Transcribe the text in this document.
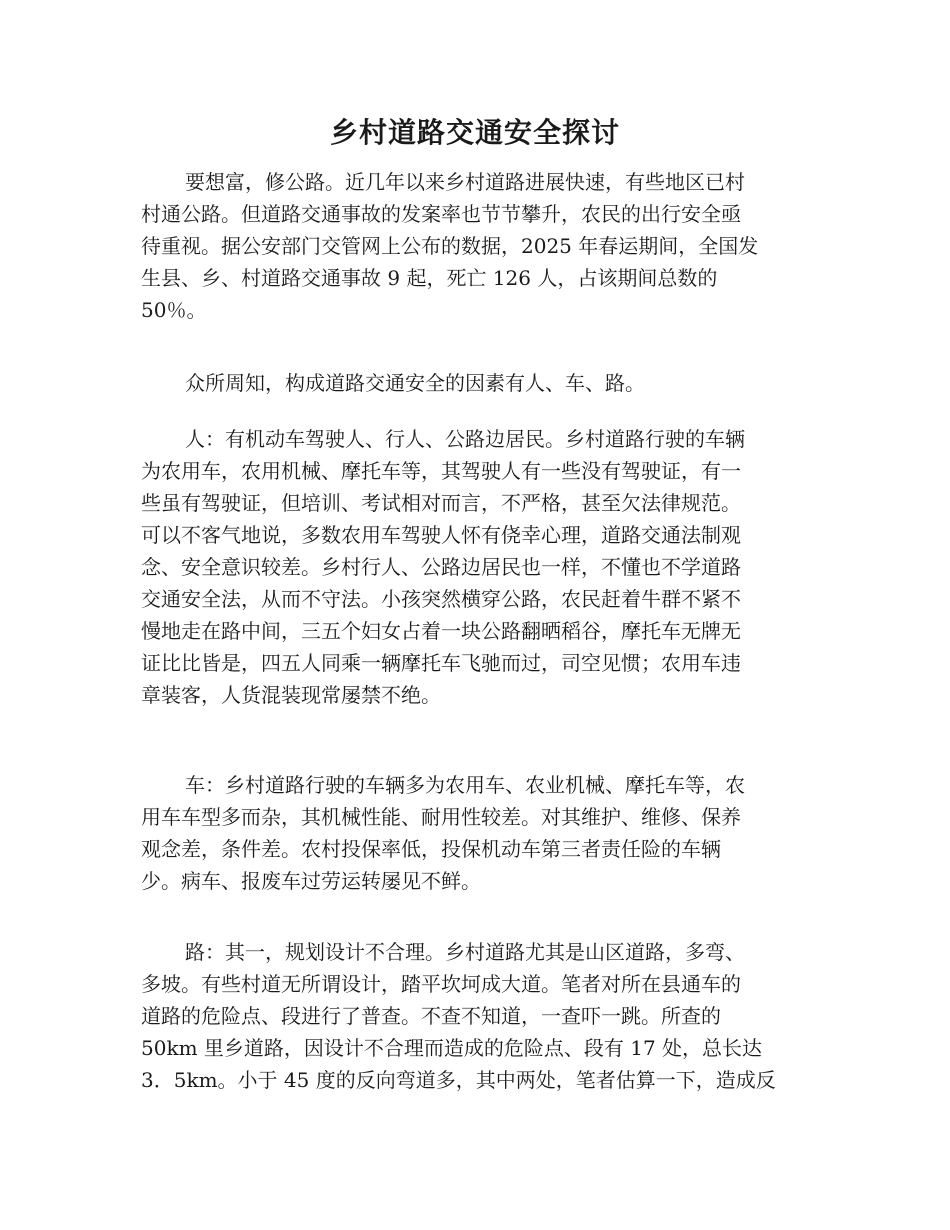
乡村道路交通安全探讨
要想富，修公路。近几年以来乡村道路进展快速，有些地区已村
村通公路。但道路交通事故的发案率也节节攀升，农民的出行安全亟
待重视。据公安部门交管网上公布的数据，2025 年春运期间，全国发
生县、乡、村道路交通事故 9 起，死亡 126 人，占该期间总数的
50％。
众所周知，构成道路交通安全的因素有人、车、路。
人：有机动车驾驶人、行人、公路边居民。乡村道路行驶的车辆
为农用车，农用机械、摩托车等，其驾驶人有一些没有驾驶证，有一
些虽有驾驶证，但培训、考试相对而言，不严格，甚至欠法律规范。
可以不客气地说，多数农用车驾驶人怀有侥幸心理，道路交通法制观
念、安全意识较差。乡村行人、公路边居民也一样，不懂也不学道路
交通安全法，从而不守法。小孩突然横穿公路，农民赶着牛群不紧不
慢地走在路中间，三五个妇女占着一块公路翻晒稻谷，摩托车无牌无
证比比皆是，四五人同乘一辆摩托车飞驰而过，司空见惯；农用车违
章装客，人货混装现常屡禁不绝。
车：乡村道路行驶的车辆多为农用车、农业机械、摩托车等，农
用车车型多而杂，其机械性能、耐用性较差。对其维护、维修、保养
观念差，条件差。农村投保率低，投保机动车第三者责任险的车辆
少。病车、报废车过劳运转屡见不鲜。
路：其一，规划设计不合理。乡村道路尤其是山区道路，多弯、
多坡。有些村道无所谓设计，踏平坎坷成大道。笔者对所在县通车的
道路的危险点、段进行了普查。不查不知道，一查吓一跳。所查的
50km 里乡道路，因设计不合理而造成的危险点、段有 17 处，总长达
3．5km。小于 45 度的反向弯道多，其中两处，笔者估算一下，造成反
